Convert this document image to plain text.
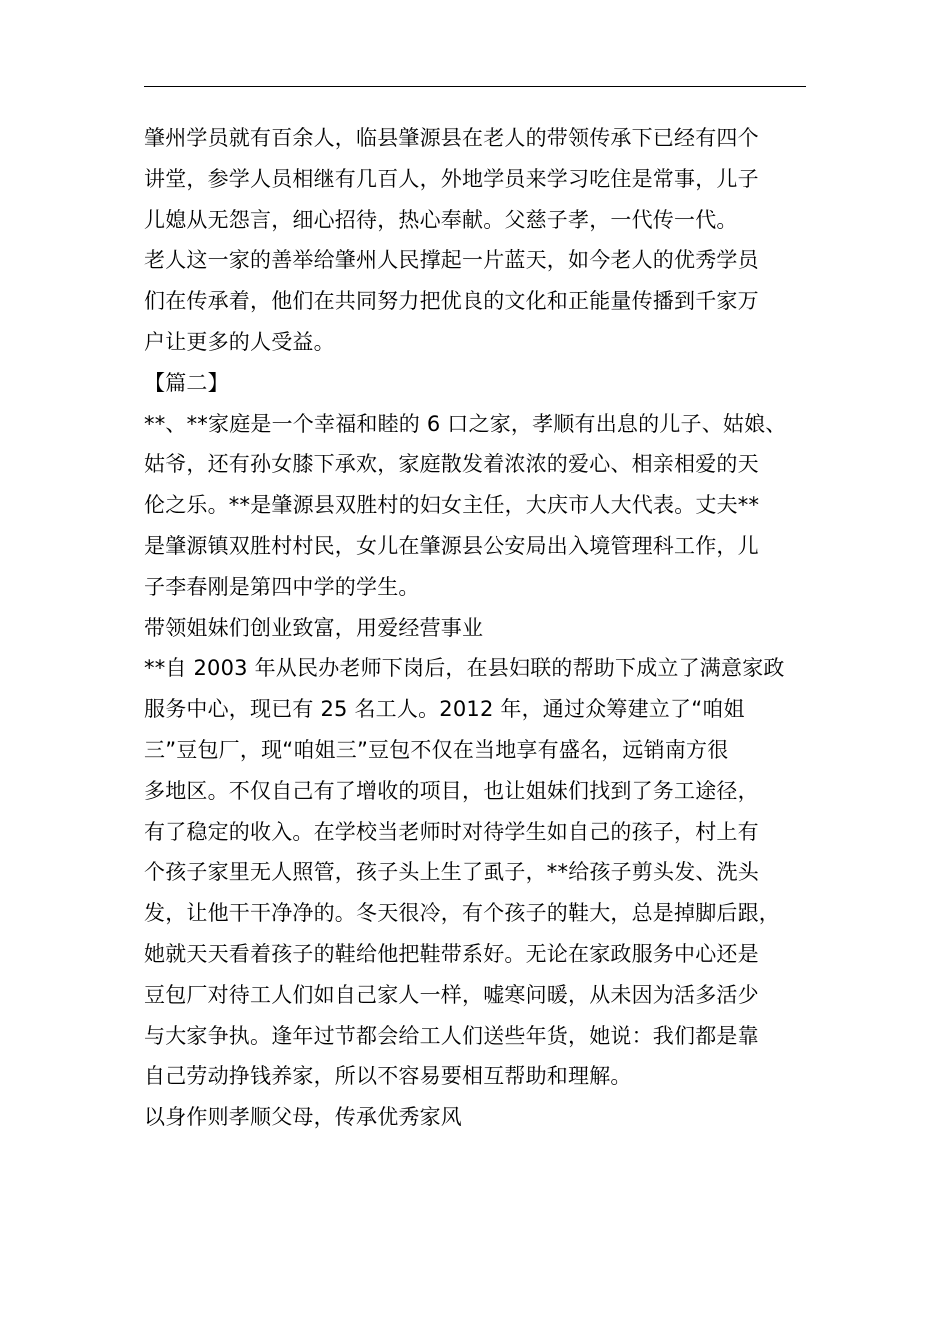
肇州学员就有百余人，临县肇源县在老人的带领传承下已经有四个
讲堂，参学人员相继有几百人，外地学员来学习吃住是常事，儿子
儿媳从无怨言，细心招待，热心奉献。父慈子孝，一代传一代。
老人这一家的善举给肇州人民撑起一片蓝天，如今老人的优秀学员
们在传承着，他们在共同努力把优良的文化和正能量传播到千家万
户让更多的人受益。
【篇二】
**、**家庭是一个幸福和睦的 6 口之家，孝顺有出息的儿子、姑娘、
姑爷，还有孙女膝下承欢，家庭散发着浓浓的爱心、相亲相爱的天
伦之乐。**是肇源县双胜村的妇女主任，大庆市人大代表。丈夫**
是肇源镇双胜村村民，女儿在肇源县公安局出入境管理科工作，儿
子李春刚是第四中学的学生。
带领姐妹们创业致富，用爱经营事业
**自 2003 年从民办老师下岗后，在县妇联的帮助下成立了满意家政
服务中心，现已有 25 名工人。2012 年，通过众筹建立了“咱姐
三”豆包厂，现“咱姐三”豆包不仅在当地享有盛名，远销南方很
多地区。不仅自己有了增收的项目，也让姐妹们找到了务工途径，
有了稳定的收入。在学校当老师时对待学生如自己的孩子，村上有
个孩子家里无人照管，孩子头上生了虱子，**给孩子剪头发、洗头
发，让他干干净净的。冬天很冷，有个孩子的鞋大，总是掉脚后跟，
她就天天看着孩子的鞋给他把鞋带系好。无论在家政服务中心还是
豆包厂对待工人们如自己家人一样，嘘寒问暖，从未因为活多活少
与大家争执。逢年过节都会给工人们送些年货，她说：我们都是靠
自己劳动挣钱养家，所以不容易要相互帮助和理解。
以身作则孝顺父母，传承优秀家风
